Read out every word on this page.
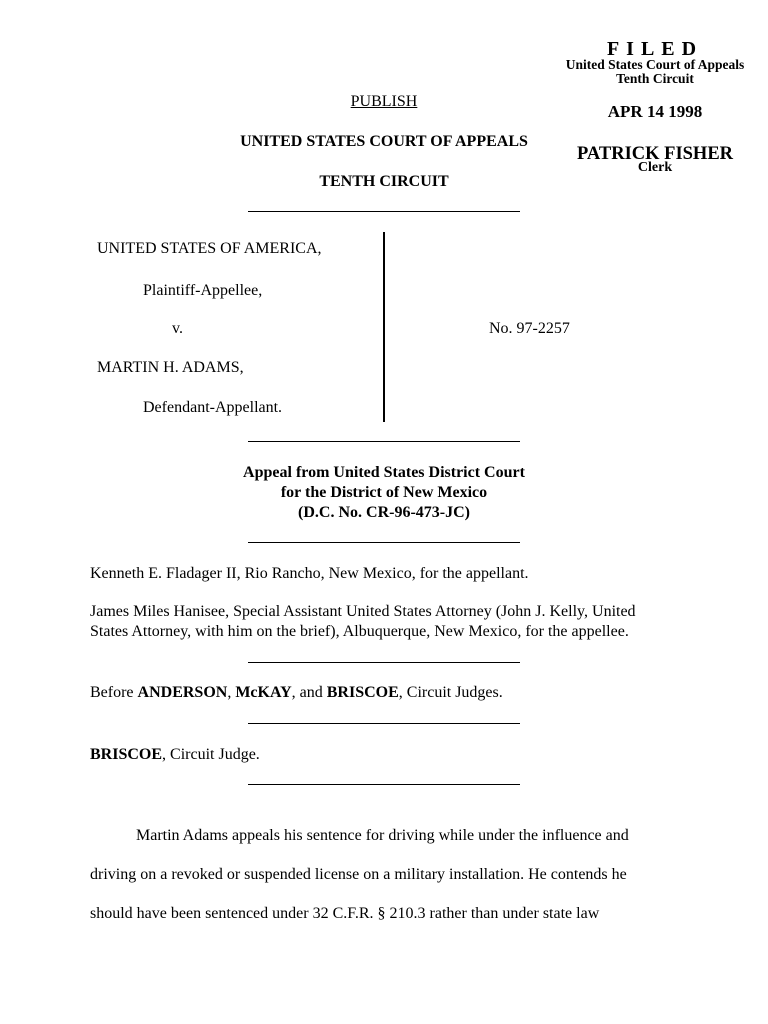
FILED
United States Court of Appeals
Tenth Circuit
APR 14 1998
PATRICK FISHER
Clerk
PUBLISH
UNITED STATES COURT OF APPEALS
TENTH CIRCUIT
UNITED STATES OF AMERICA,
Plaintiff-Appellee,
v.
MARTIN H. ADAMS,
Defendant-Appellant.
No. 97-2257
Appeal from United States District Court
for the District of New Mexico
(D.C. No. CR-96-473-JC)
Kenneth E. Fladager II, Rio Rancho, New Mexico, for the appellant.
James Miles Hanisee, Special Assistant United States Attorney (John J. Kelly, United
States Attorney, with him on the brief), Albuquerque, New Mexico, for the appellee.
Before ANDERSON, McKAY, and BRISCOE, Circuit Judges.
BRISCOE, Circuit Judge.
Martin Adams appeals his sentence for driving while under the influence and
driving on a revoked or suspended license on a military installation. He contends he
should have been sentenced under 32 C.F.R. § 210.3 rather than under state law
